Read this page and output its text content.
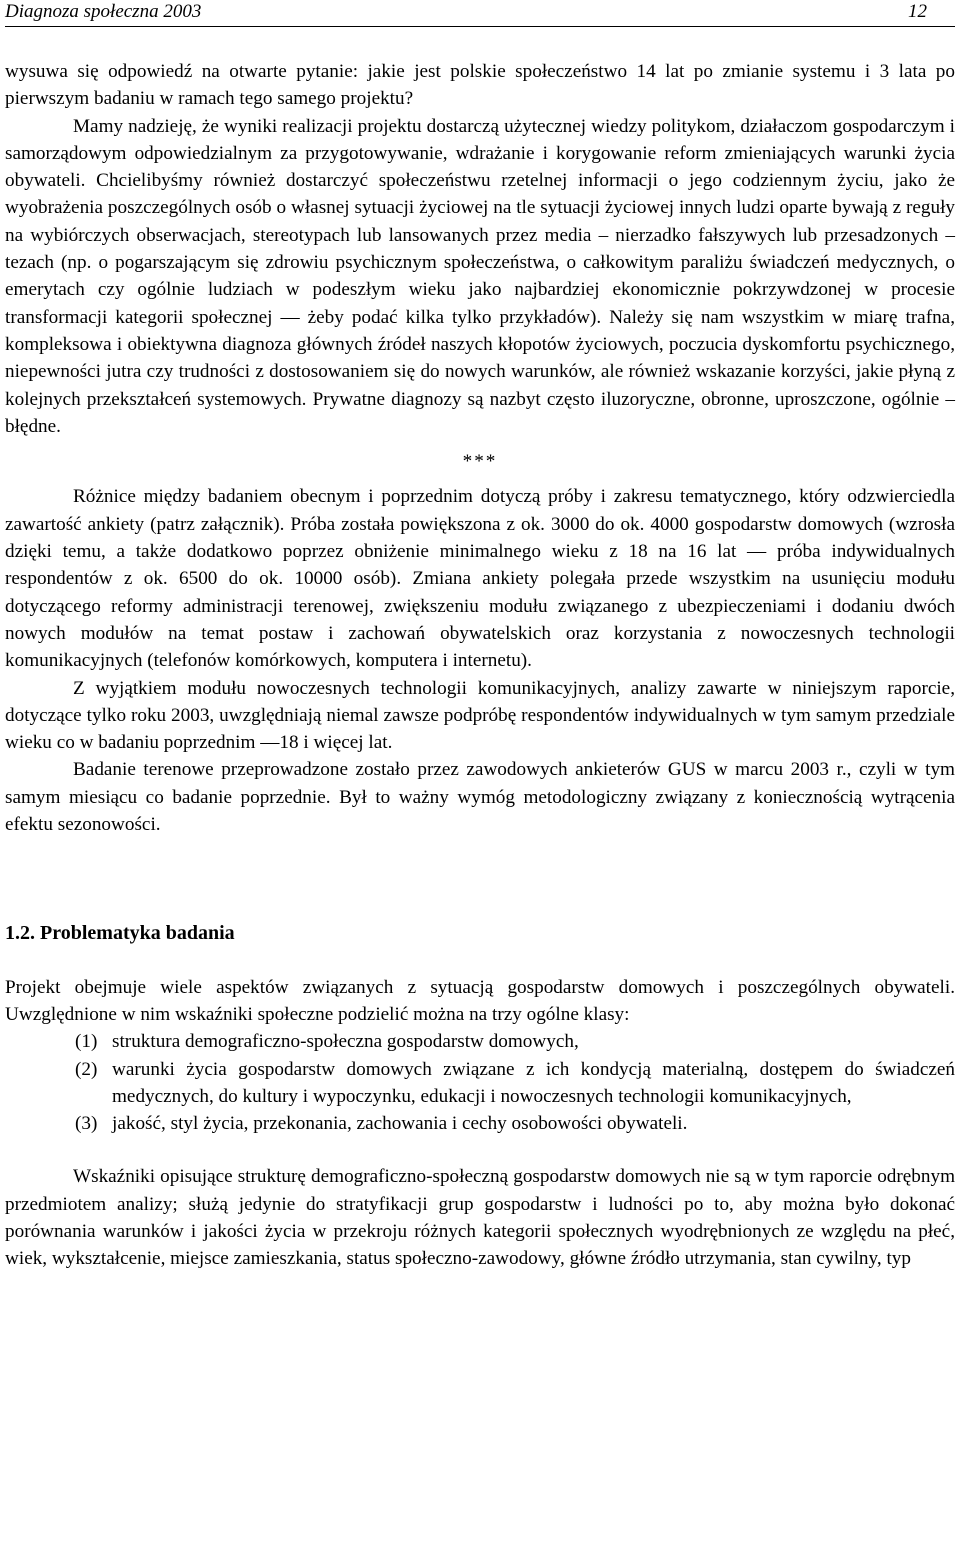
Diagnoza społeczna 2003	12

wysuwa się odpowiedź na otwarte pytanie: jakie jest polskie społeczeństwo 14 lat po zmianie systemu i 3 lata po pierwszym badaniu w ramach tego samego projektu?

Mamy nadzieję, że wyniki realizacji projektu dostarczą użytecznej wiedzy politykom, działaczom gospodarczym i samorządowym odpowiedzialnym za przygotowywanie, wdrażanie i korygowanie reform zmieniających warunki życia obywateli. Chcielibyśmy również dostarczyć społeczeństwu rzetelnej informacji o jego codziennym życiu, jako że wyobrażenia poszczególnych osób o własnej sytuacji życiowej na tle sytuacji życiowej innych ludzi oparte bywają z reguły na wybiórczych obserwacjach, stereotypach lub lansowanych przez media – nierzadko fałszywych lub przesadzonych – tezach (np. o pogarszającym się zdrowiu psychicznym społeczeństwa, o całkowitym paraliżu świadczeń medycznych, o emerytach czy ogólnie ludziach w podeszłym wieku jako najbardziej ekonomicznie pokrzywdzonej w procesie transformacji kategorii społecznej — żeby podać kilka tylko przykładów). Należy się nam wszystkim w miarę trafna, kompleksowa i obiektywna diagnoza głównych źródeł naszych kłopotów życiowych, poczucia dyskomfortu psychicznego, niepewności jutra czy trudności z dostosowaniem się do nowych warunków, ale również wskazanie korzyści, jakie płyną z kolejnych przekształceń systemowych. Prywatne diagnozy są nazbyt często iluzoryczne, obronne, uproszczone, ogólnie – błędne.

***

Różnice między badaniem obecnym i poprzednim dotyczą próby i zakresu tematycznego, który odzwierciedla zawartość ankiety (patrz załącznik). Próba została powiększona z ok. 3000 do ok. 4000 gospodarstw domowych (wzrosła dzięki temu, a także dodatkowo poprzez obniżenie minimalnego wieku z 18 na 16 lat — próba indywidualnych respondentów z ok. 6500 do ok. 10000 osób). Zmiana ankiety polegała przede wszystkim na usunięciu modułu dotyczącego reformy administracji terenowej, zwiększeniu modułu związanego z ubezpieczeniami i dodaniu dwóch nowych modułów na temat postaw i zachowań obywatelskich oraz korzystania z nowoczesnych technologii komunikacyjnych (telefonów komórkowych, komputera i internetu).

Z wyjątkiem modułu nowoczesnych technologii komunikacyjnych, analizy zawarte w niniejszym raporcie, dotyczące tylko roku 2003, uwzględniają niemal zawsze podpróbę respondentów indywidualnych w tym samym przedziale wieku co w badaniu poprzednim —18 i więcej lat.

Badanie terenowe przeprowadzone zostało przez zawodowych ankieterów GUS w marcu 2003 r., czyli w tym samym miesiącu co badanie poprzednie. Był to ważny wymóg metodologiczny związany z koniecznością wytrącenia efektu sezonowości.

1.2. Problematyka badania

Projekt obejmuje wiele aspektów związanych z sytuacją gospodarstw domowych i poszczególnych obywateli. Uwzględnione w nim wskaźniki społeczne podzielić można na trzy ogólne klasy:

(1) struktura demograficzno-społeczna gospodarstw domowych,
(2) warunki życia gospodarstw domowych związane z ich kondycją materialną, dostępem do świadczeń medycznych, do kultury i wypoczynku, edukacji i nowoczesnych technologii komunikacyjnych,
(3) jakość, styl życia, przekonania, zachowania i cechy osobowości obywateli.

Wskaźniki opisujące strukturę demograficzno-społeczną gospodarstw domowych nie są w tym raporcie odrębnym przedmiotem analizy; służą jedynie do stratyfikacji grup gospodarstw i ludności po to, aby można było dokonać porównania warunków i jakości życia w przekroju różnych kategorii społecznych wyodrębnionych ze względu na płeć, wiek, wykształcenie, miejsce zamieszkania, status społeczno-zawodowy, główne źródło utrzymania, stan cywilny, typ
